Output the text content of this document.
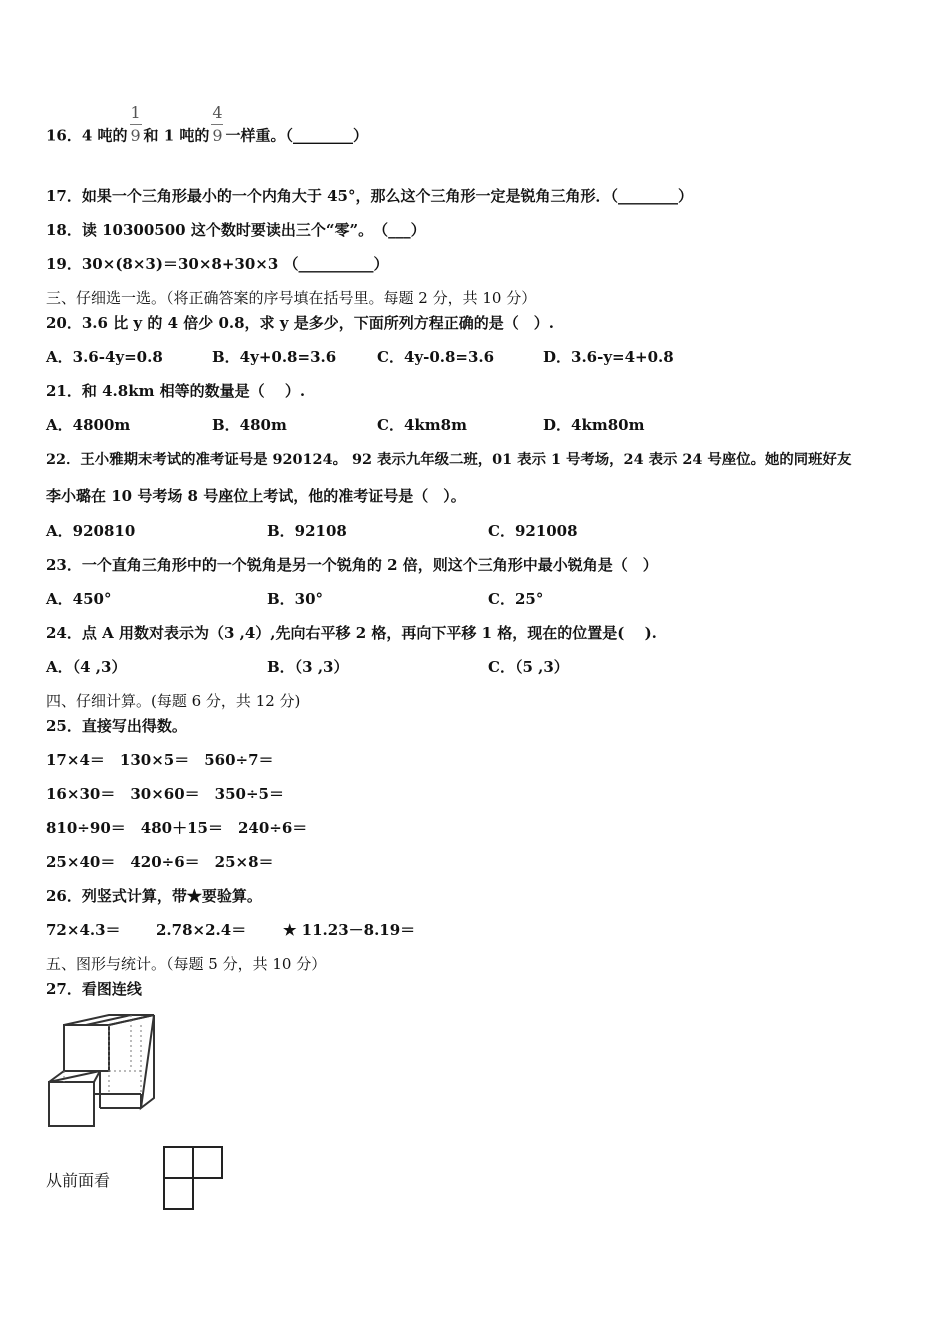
16．4 吨的 $\frac{1}{9}$ 和 1 吨的 $\frac{4}{9}$ 一样重。（________）
17．如果一个三角形最小的一个内角大于 45°，那么这个三角形一定是锐角三角形．（________）
18．读 10300500 这个数时要读出三个“零”。　（___）
19．30×(8×3)＝30×8+30×3 （__________）
三、仔细选一选。（将正确答案的序号填在括号里。每题 2 分，共 10 分）
20．3.6 比 y 的 4 倍少 0.8，求 y 是多少，下面所列方程正确的是（　）.
A．3.6-4y=0.8	B．4y+0.8=3.6	C．4y-0.8=3.6	D．3.6-y=4+0.8
21．和 4.8km 相等的数量是（　 ）.
A．4800m	B．480m	C．4km8m	D．4km80m
22．王小雅期末考试的准考证号是 920124。 92 表示九年级二班，01 表示 1 号考场，24 表示 24 号座位。她的同班好友
李小璐在 10 号考场 8 号座位上考试，他的准考证号是（　）。
A．920810	B．92108	C．921008
23．一个直角三角形中的一个锐角是另一个锐角的 2 倍，则这个三角形中最小锐角是（　）
A．450°	B．30°	C．25°
24．点 A 用数对表示为（3 ,4）,先向右平移 2 格，再向下平移 1 格，现在的位置是(　 ).
A．（4 ,3）	B．（3 ,3）	C．（5 ,3）
四、仔细计算。(每题 6 分，共 12 分)
25．直接写出得数。
17×4＝　130×5＝　560÷7＝
16×30＝　30×60＝　350÷5＝
810÷90＝　480＋15＝　240÷6＝
25×40＝　420÷6＝　25×8＝
26．列竖式计算，带★要验算。
72×4.3＝ 2.78×2.4＝ ★ 11.23－8.19＝
五、图形与统计。（每题 5 分，共 10 分）
27．看图连线
从前面看
